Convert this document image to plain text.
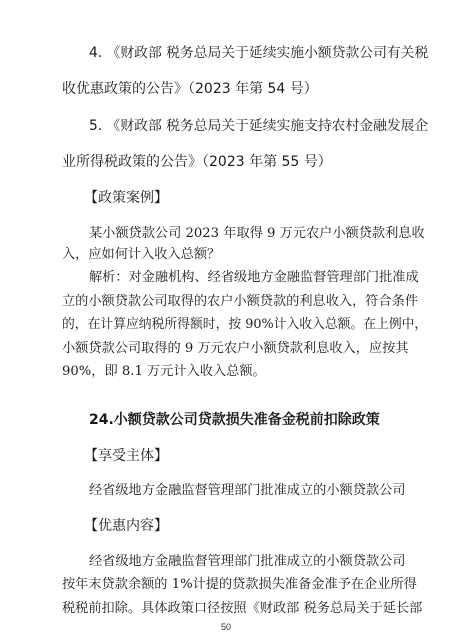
4. 《财政部 税务总局关于延续实施小额贷款公司有关税
收优惠政策的公告》（2023 年第 54 号）
5. 《财政部 税务总局关于延续实施支持农村金融发展企
业所得税政策的公告》（2023 年第 55 号）
【政策案例】
某小额贷款公司 2023 年取得 9 万元农户小额贷款利息收
入，应如何计入收入总额？
解析：对金融机构、经省级地方金融监督管理部门批准成
立的小额贷款公司取得的农户小额贷款的利息收入，符合条件
的，在计算应纳税所得额时，按 90%计入收入总额。在上例中，
小额贷款公司取得的 9 万元农户小额贷款利息收入，应按其
90%，即 8.1 万元计入收入总额。
24.小额贷款公司贷款损失准备金税前扣除政策
【享受主体】
经省级地方金融监督管理部门批准成立的小额贷款公司
【优惠内容】
经省级地方金融监督管理部门批准成立的小额贷款公司
按年末贷款余额的 1%计提的贷款损失准备金准予在企业所得
税税前扣除。具体政策口径按照《财政部 税务总局关于延长部
50
